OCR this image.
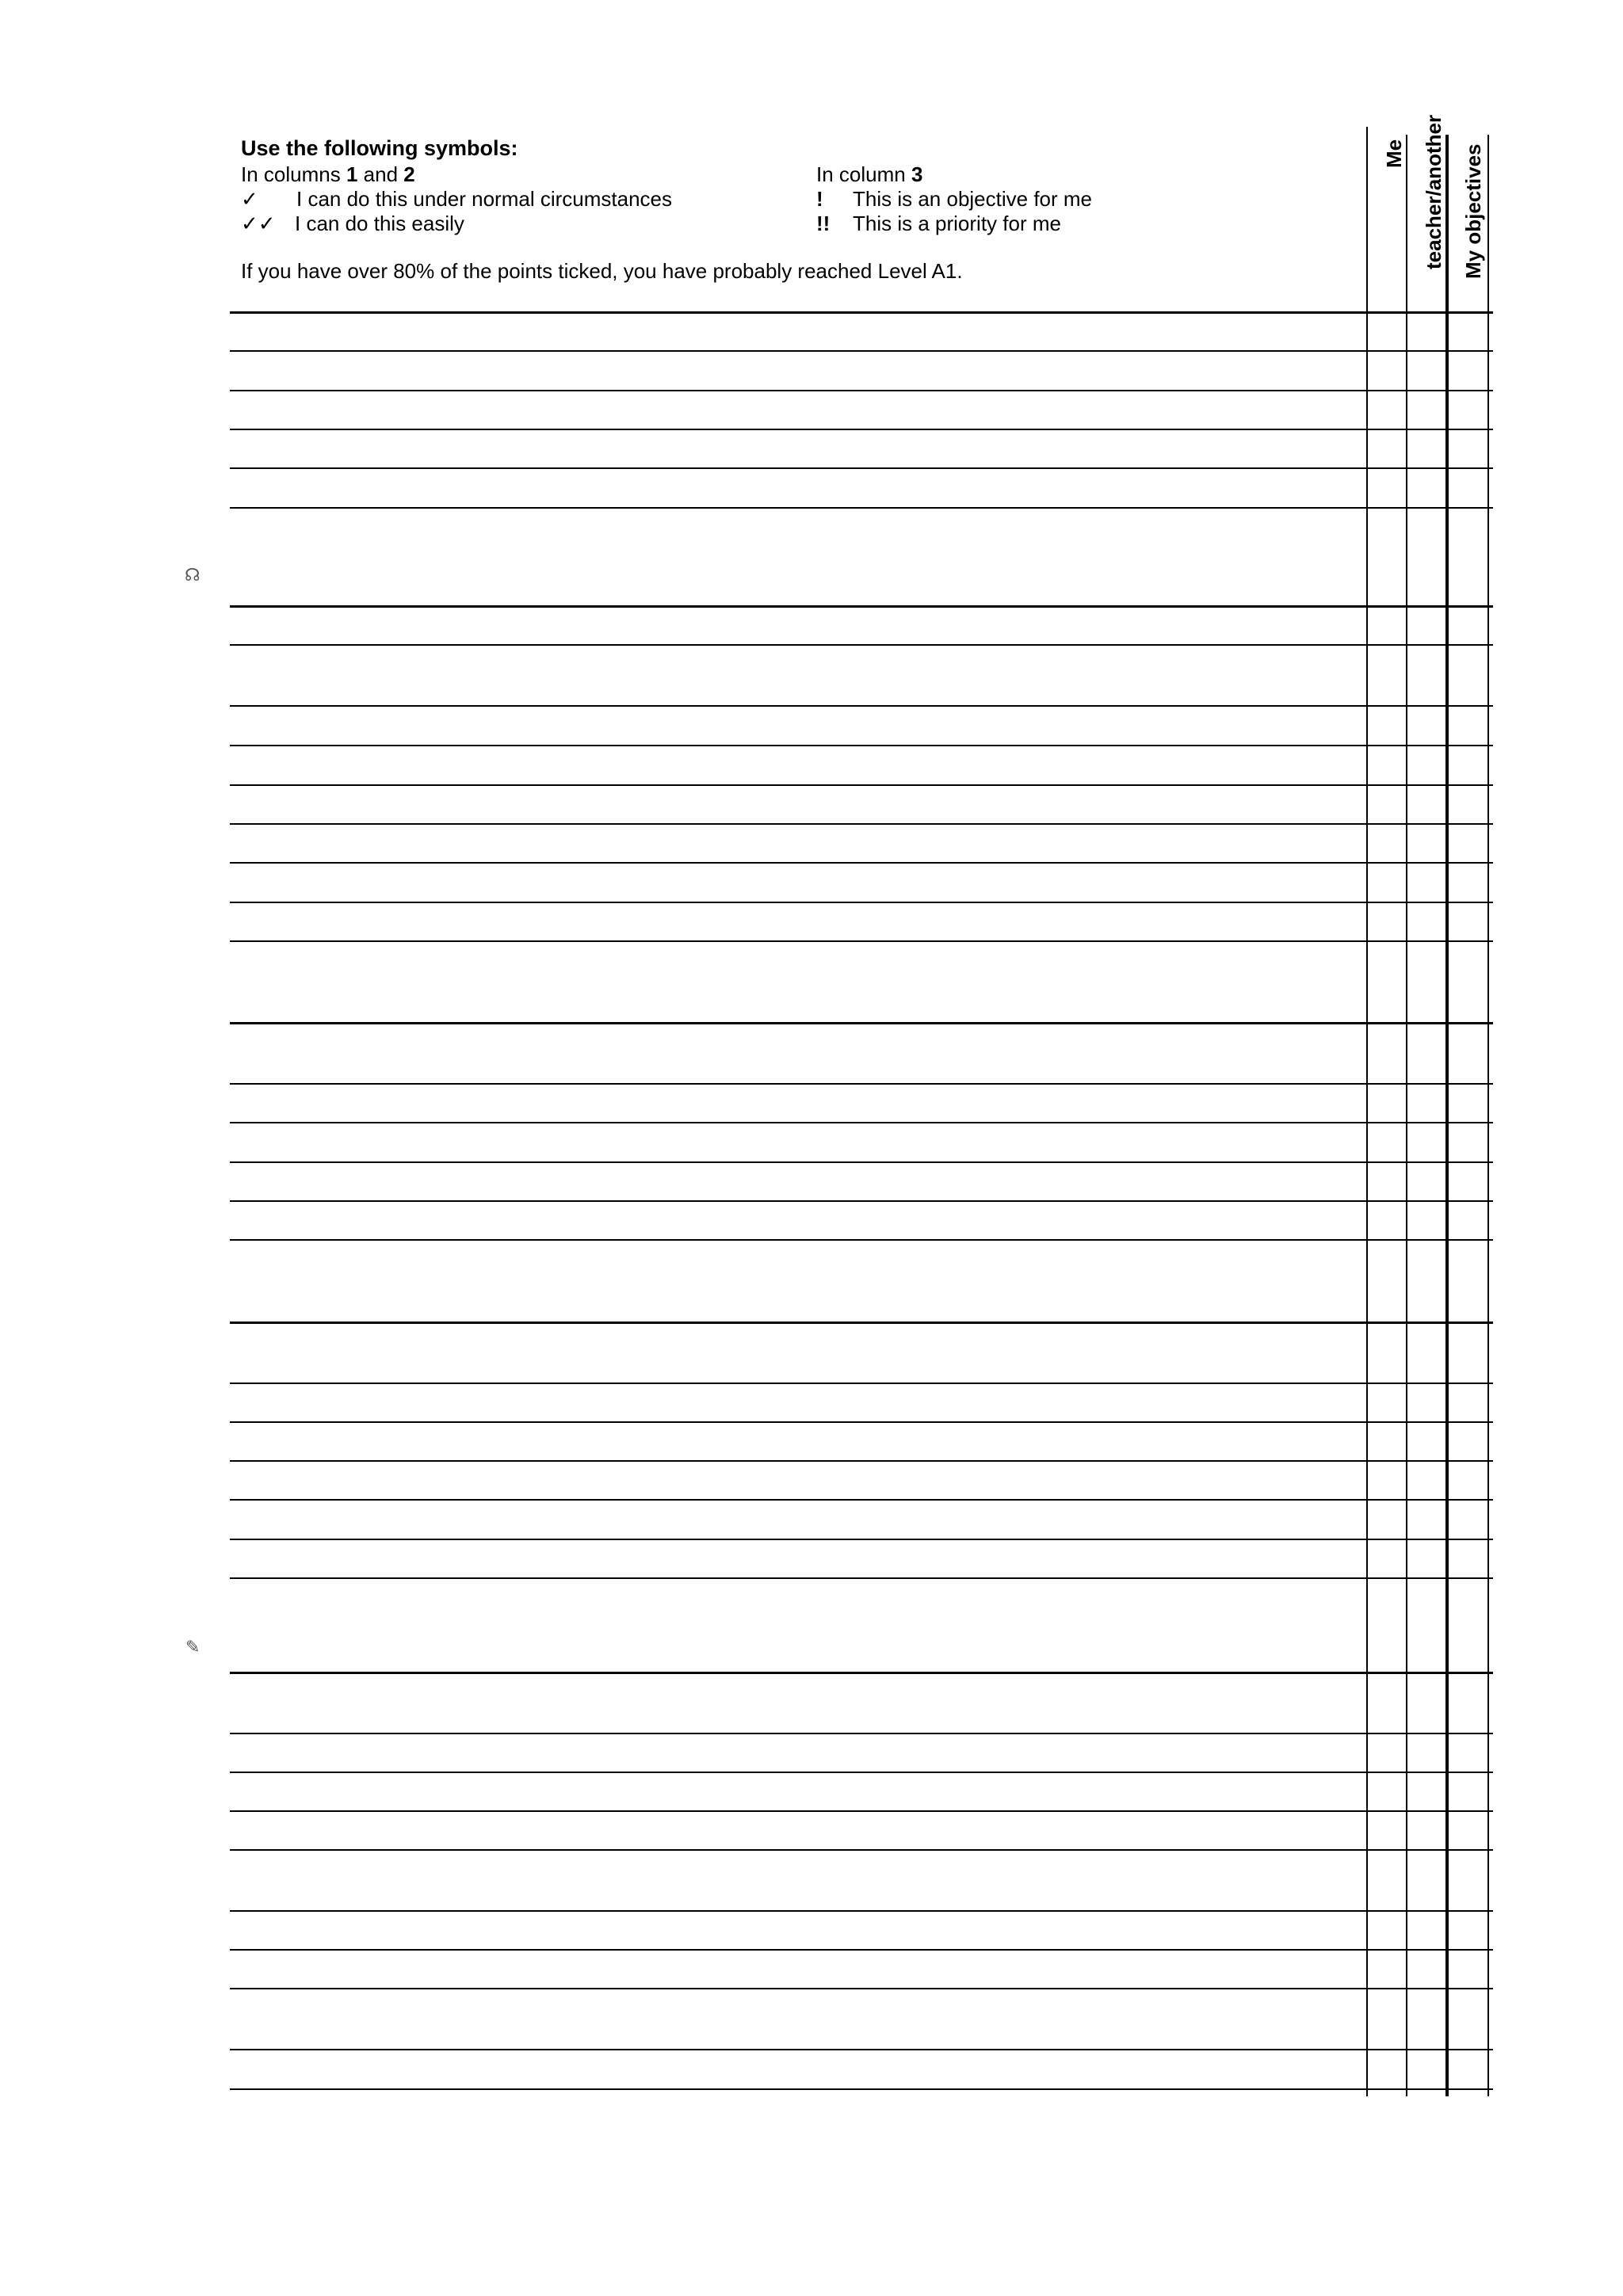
Use the following symbols:
In columns 1 and 2
✓ I can do this under normal circumstances
✓✓ I can do this easily
In column 3
! This is an objective for me
!! This is a priority for me
If you have over 80% of the points ticked, you have probably reached Level A1.
Me teacher/another My objectives
☊
✎
